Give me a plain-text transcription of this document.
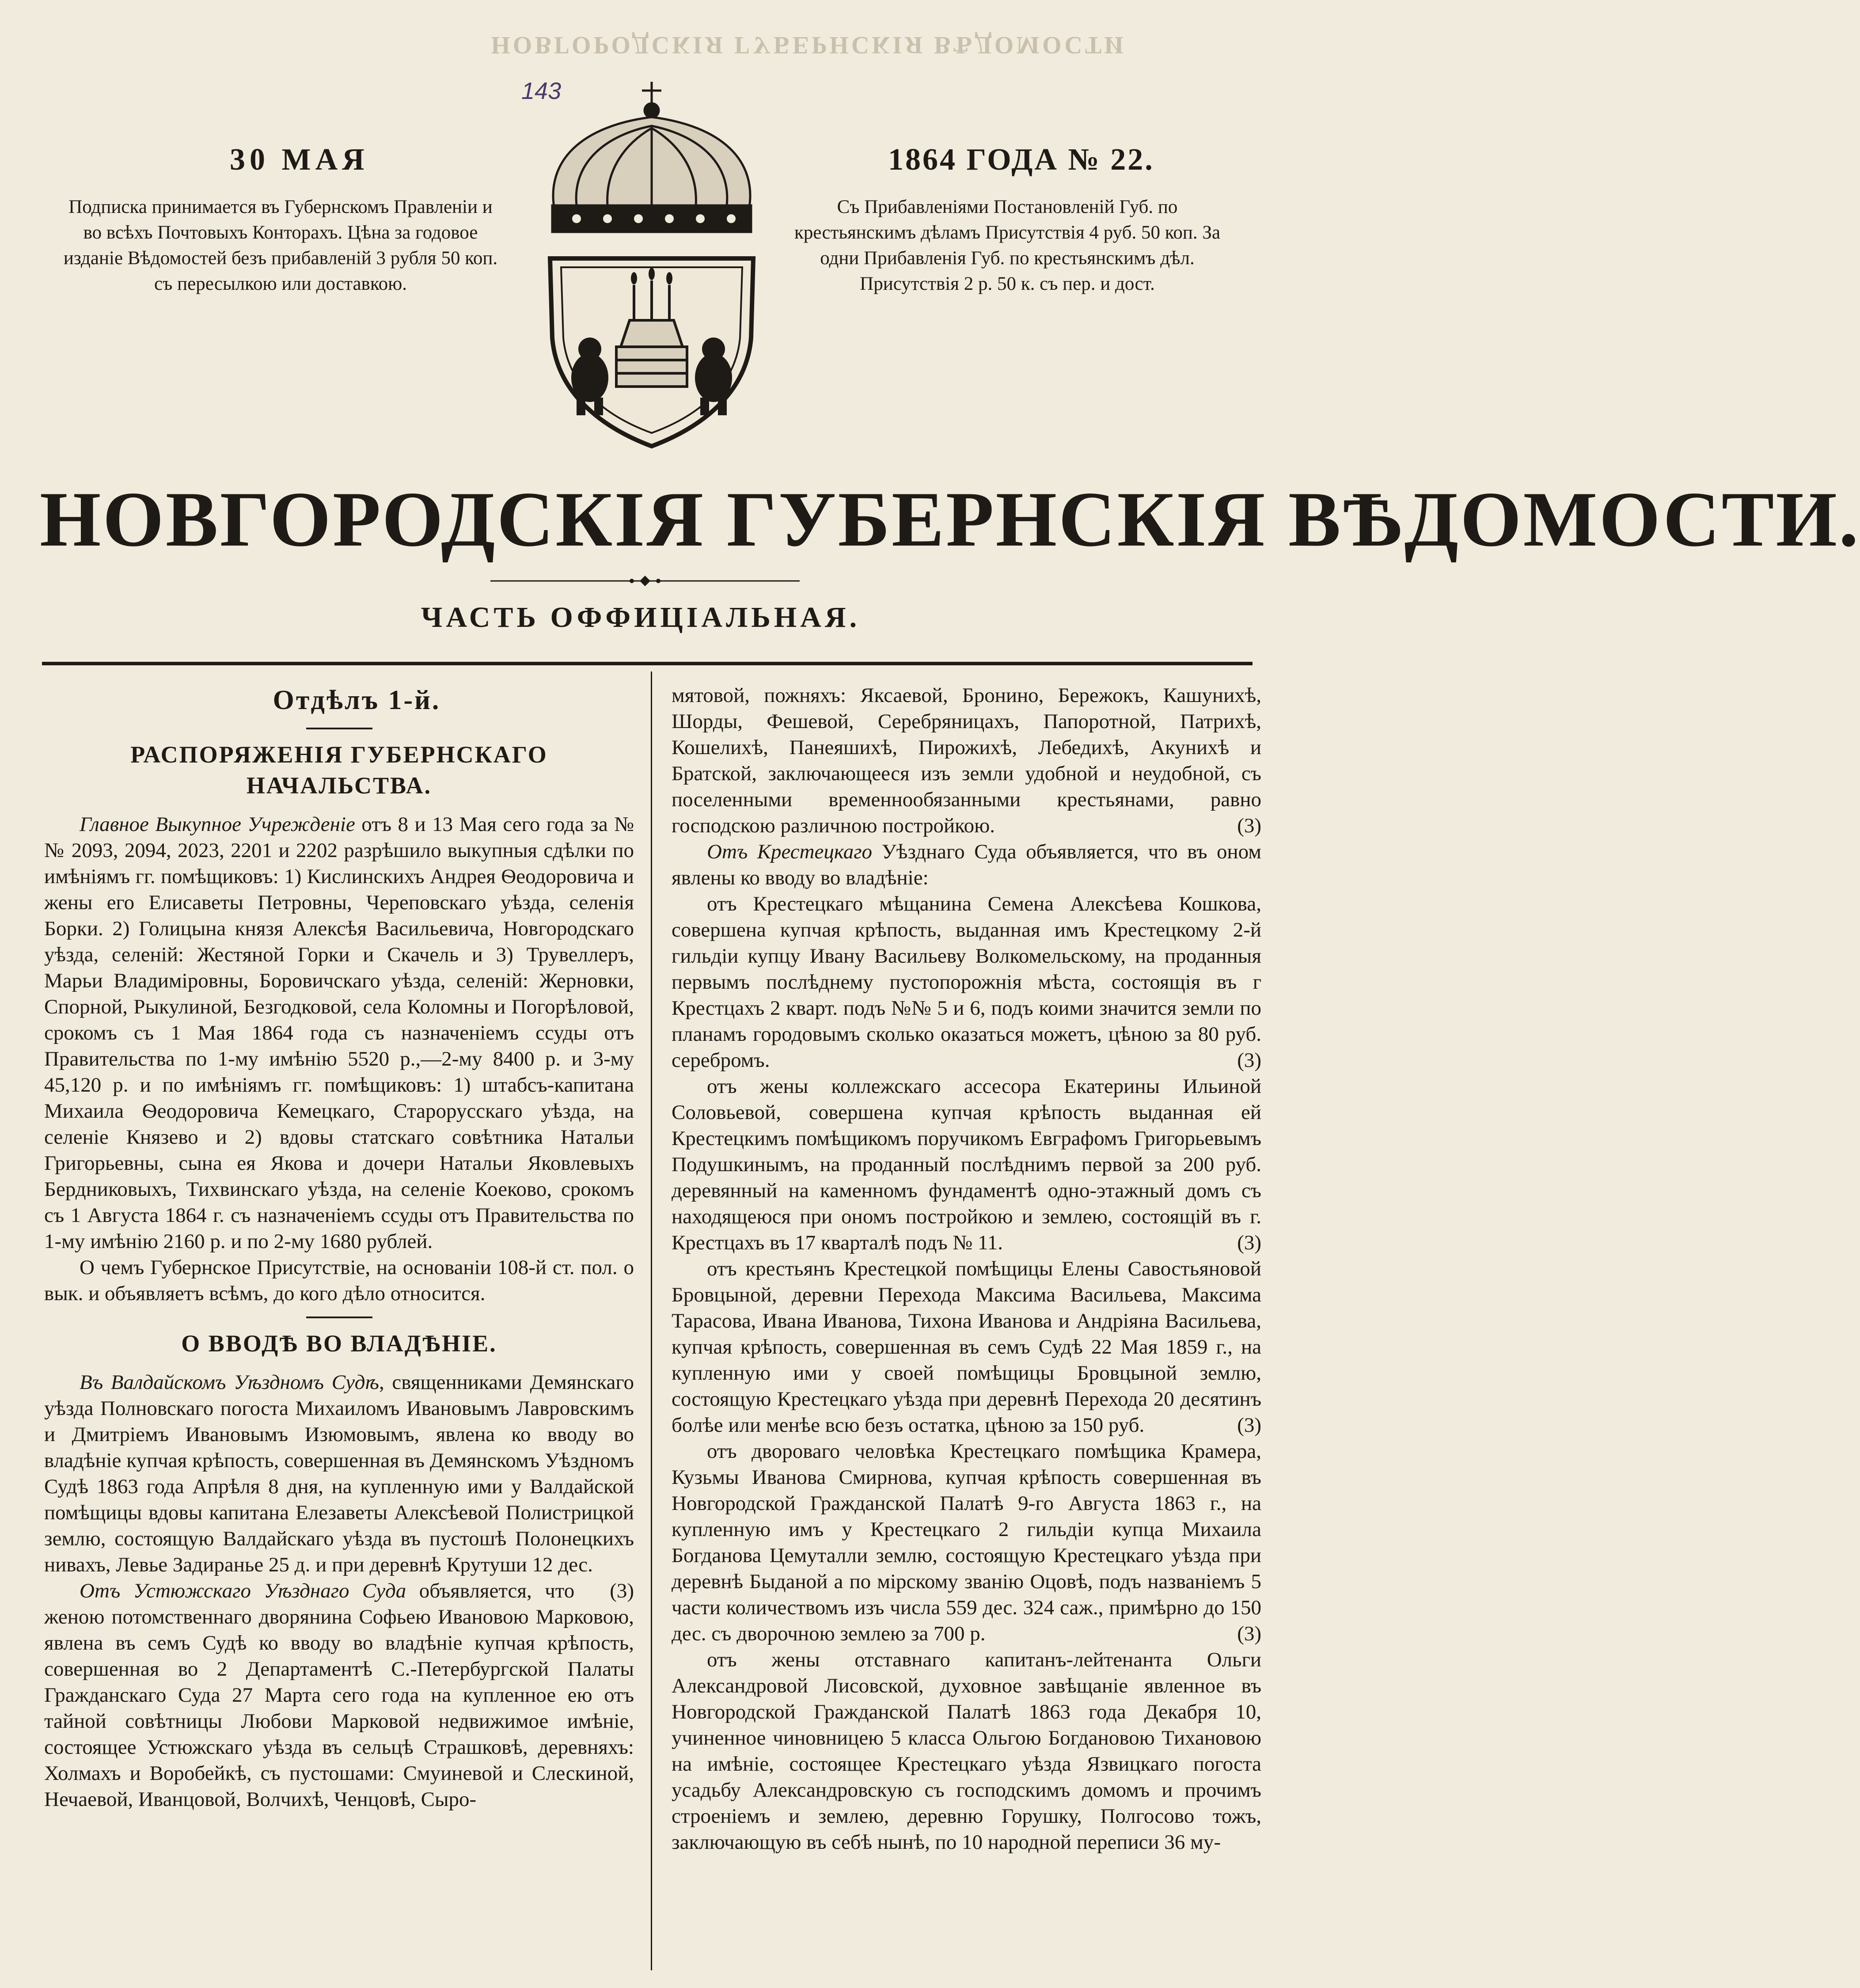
НОВГОРОДСКІЯ ГУБЕРНСКІЯ ВѢДОМОСТИ
143
30 МАЯ	1864 ГОДА № 22.
Подписка принимается въ Губернскомъ Правленіи и во всѣхъ Почтовыхъ Конторахъ. Цѣна за годовое изданіе Вѣдомостей безъ прибавленій 3 рубля 50 коп. съ пересылкою или доставкою.
Съ Прибавленіями Постановленій Губ. по крестьянскимъ дѣламъ Присутствія 4 руб. 50 коп. За одни Прибавленія Губ. по крестьянскимъ дѣл. Присутствія 2 р. 50 к. съ пер. и дост.
НОВГОРОДСКІЯ ГУБЕРНСКІЯ ВѢДОМОСТИ.
ЧАСТЬ ОФФИЦІАЛЬНАЯ.

Отдѣлъ 1-й.

РАСПОРЯЖЕНІЯ ГУБЕРНСКАГО НАЧАЛЬСТВА.

Главное Выкупное Учрежденіе отъ 8 и 13 Мая сего года за №№ 2093, 2094, 2023, 2201 и 2202 разрѣшило выкупныя сдѣлки по имѣніямъ гг. помѣщиковъ: 1) Кислинскихъ Андрея Ѳеодоровича и жены его Елисаветы Петровны, Череповскаго уѣзда, селенія Борки. 2) Голицына князя Алексѣя Васильевича, Новгородскаго уѣзда, селеній: Жестяной Горки и Скачель и 3) Трувеллеръ, Марьи Владиміровны, Боровичскаго уѣзда, селеній: Жерновки, Спорной, Рыкулиной, Безгодковой, села Коломны и Погорѣловой, срокомъ съ 1 Мая 1864 года съ назначеніемъ ссуды отъ Правительства по 1-му имѣнію 5520 р.,—2-му 8400 р. и 3-му 45,120 р. и по имѣніямъ гг. помѣщиковъ: 1) штабсъ-капитана Михаила Ѳеодоровича Кемецкаго, Старорусскаго уѣзда, на селеніе Князево и 2) вдовы статскаго совѣтника Натальи Григорьевны, сына ея Якова и дочери Натальи Яковлевыхъ Бердниковыхъ, Тихвинскаго уѣзда, на селеніе Коеково, срокомъ съ 1 Августа 1864 г. съ назначеніемъ ссуды отъ Правительства по 1-му имѣнію 2160 р. и по 2-му 1680 рублей.

О чемъ Губернское Присутствіе, на основаніи 108-й ст. пол. о вык. и объявляетъ всѣмъ, до кого дѣло относится.

О ВВОДѢ ВО ВЛАДѢНІЕ.

Въ Валдайскомъ Уѣздномъ Судѣ, священниками Демянскаго уѣзда Полновскаго погоста Михаиломъ Ивановымъ Лавровскимъ и Дмитріемъ Ивановымъ Изюмовымъ, явлена ко вводу во владѣніе купчая крѣпость, совершенная въ Демянскомъ Уѣздномъ Судѣ 1863 года Апрѣля 8 дня, на купленную ими у Валдайской помѣщицы вдовы капитана Елезаветы Алексѣевой Полистрицкой землю, состоящую Валдайскаго уѣзда въ пустошѣ Полонецкихъ нивахъ, Левье Задиранье 25 д. и при деревнѣ Крутуши 12 дес.
(3)

Отъ Устюжскаго Уѣзднаго Суда объявляется, что женою потомственнаго дворянина Софьею Ивановою Марковою, явлена въ семъ Судѣ ко вводу во владѣніе купчая крѣпость, совершенная во 2 Департаментѣ С.-Петербургской Палаты Гражданскаго Суда 27 Марта сего года на купленное ею отъ тайной совѣтницы Любови Марковой недвижимое имѣніе, состоящее Устюжскаго уѣзда въ сельцѣ Страшковѣ, деревняхъ: Холмахъ и Воробейкѣ, съ пустошами: Смуиневой и Слескиной, Нечаевой, Иванцовой, Волчихѣ, Ченцовѣ, Сыро-

мятовой, пожняхъ: Яксаевой, Бронино, Бережокъ, Кашунихѣ, Шорды, Фешевой, Серебряницахъ, Папоротной, Патрихѣ, Кошелихѣ, Панеяшихѣ, Пирожихѣ, Лебедихѣ, Акунихѣ и Братской, заключающееся изъ земли удобной и неудобной, съ поселенными временнообязанными крестьянами, равно господскою различною постройкою.	(3)

Отъ Крестецкаго Уѣзднаго Суда объявляется, что въ оном явлены ко вводу во владѣніе:

отъ Крестецкаго мѣщанина Семена Алексѣева Кошкова, совершена купчая крѣпость, выданная имъ Крестецкому 2-й гильдіи купцу Ивану Васильеву Волкомельскому, на проданныя первымъ послѣднему пустопорожнія мѣста, состоящія въ г Крестцахъ 2 кварт. подъ №№ 5 и 6, подъ коими значится земли по планамъ городовымъ сколько оказаться можетъ, цѣною за 80 руб. серебромъ.	(3)

отъ жены коллежскаго ассесора Екатерины Ильиной Соловьевой, совершена купчая крѣпость выданная ей Крестецкимъ помѣщикомъ поручикомъ Евграфомъ Григорьевымъ Подушкинымъ, на проданный послѣднимъ первой за 200 руб. деревянный на каменномъ фундаментѣ одно-этажный домъ съ находящеюся при ономъ постройкою и землею, состоящій въ г. Крестцахъ въ 17 кварталѣ подъ № 11.	(3)

отъ крестьянъ Крестецкой помѣщицы Елены Савостьяновой Бровцыной, деревни Перехода Максима Васильева, Максима Тарасова, Ивана Иванова, Тихона Иванова и Андріяна Васильева, купчая крѣпость, совершенная въ семъ Судѣ 22 Мая 1859 г., на купленную ими у своей помѣщицы Бровцыной землю, состоящую Крестецкаго уѣзда при деревнѣ Перехода 20 десятинъ болѣе или менѣе всю безъ остатка, цѣною за 150 руб.	(3)

отъ двороваго человѣка Крестецкаго помѣщика Крамера, Кузьмы Иванова Смирнова, купчая крѣпость совершенная въ Новгородской Гражданской Палатѣ 9-го Августа 1863 г., на купленную имъ у Крестецкаго 2 гильдіи купца Михаила Богданова Цемуталли землю, состоящую Крестецкаго уѣзда при деревнѣ Быданой а по мірскому званію Оцовѣ, подъ названіемъ 5 части количествомъ изъ числа 559 дес. 324 саж., примѣрно до 150 дес. съ дворочною землею за 700 р.	(3)

отъ жены отставнаго капитанъ-лейтенанта Ольги Александровой Лисовской, духовное завѣщаніе явленное въ Новгородской Гражданской Палатѣ 1863 года Декабря 10, учиненное чиновницею 5 класса Ольгою Богдановою Тихановою на имѣніе, состоящее Крестецкаго уѣзда Язвицкаго погоста усадьбу Александровскую съ господскимъ домомъ и прочимъ строеніемъ и землею, деревню Горушку, Полгосово тожъ, заключающую въ себѣ нынѣ, по 10 народной переписи 36 му-
